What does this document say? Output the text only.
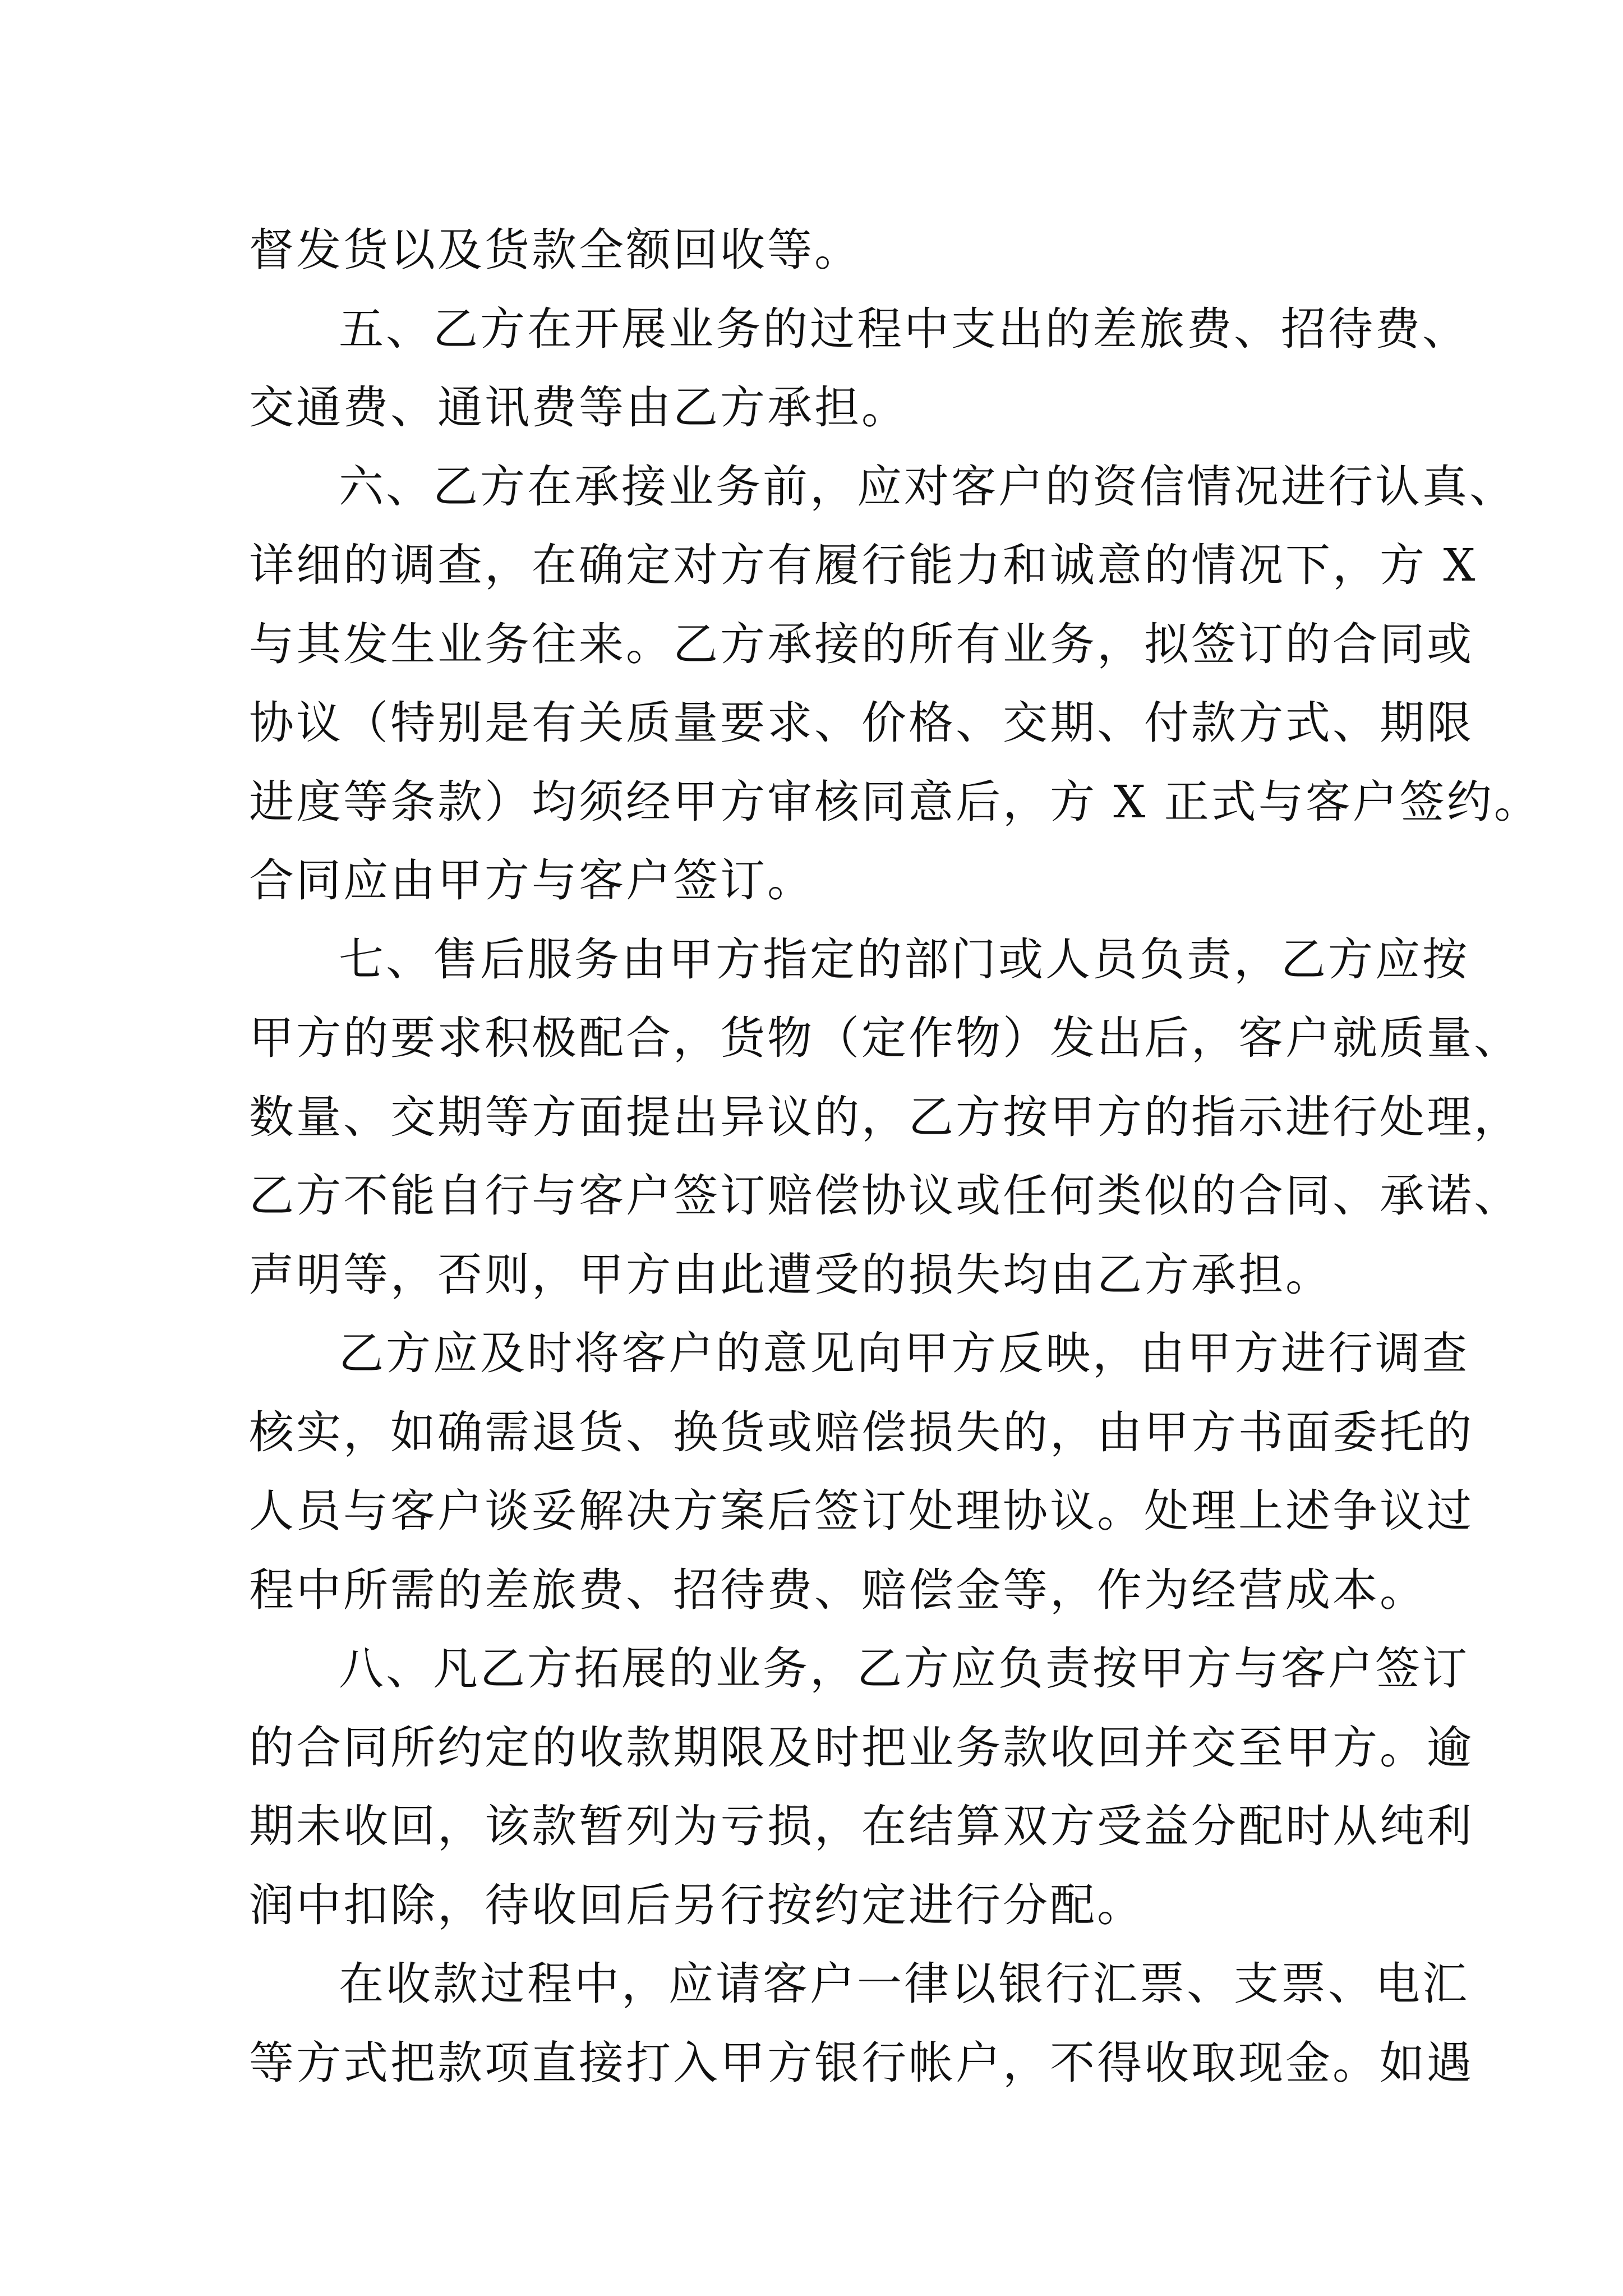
督发货以及货款全额回收等。
五、乙方在开展业务的过程中支出的差旅费、招待费、
交通费、通讯费等由乙方承担。
六、乙方在承接业务前，应对客户的资信情况进行认真、
详细的调查，在确定对方有履行能力和诚意的情况下，方 X
与其发生业务往来。乙方承接的所有业务，拟签订的合同或
协议（特别是有关质量要求、价格、交期、付款方式、期限
进度等条款）均须经甲方审核同意后，方 X 正式与客户签约。
合同应由甲方与客户签订。
七、售后服务由甲方指定的部门或人员负责，乙方应按
甲方的要求积极配合，货物（定作物）发出后，客户就质量、
数量、交期等方面提出异议的，乙方按甲方的指示进行处理，
乙方不能自行与客户签订赔偿协议或任何类似的合同、承诺、
声明等，否则，甲方由此遭受的损失均由乙方承担。
乙方应及时将客户的意见向甲方反映，由甲方进行调查
核实，如确需退货、换货或赔偿损失的，由甲方书面委托的
人员与客户谈妥解决方案后签订处理协议。处理上述争议过
程中所需的差旅费、招待费、赔偿金等，作为经营成本。
八、凡乙方拓展的业务，乙方应负责按甲方与客户签订
的合同所约定的收款期限及时把业务款收回并交至甲方。逾
期未收回，该款暂列为亏损，在结算双方受益分配时从纯利
润中扣除，待收回后另行按约定进行分配。
在收款过程中，应请客户一律以银行汇票、支票、电汇
等方式把款项直接打入甲方银行帐户，不得收取现金。如遇
